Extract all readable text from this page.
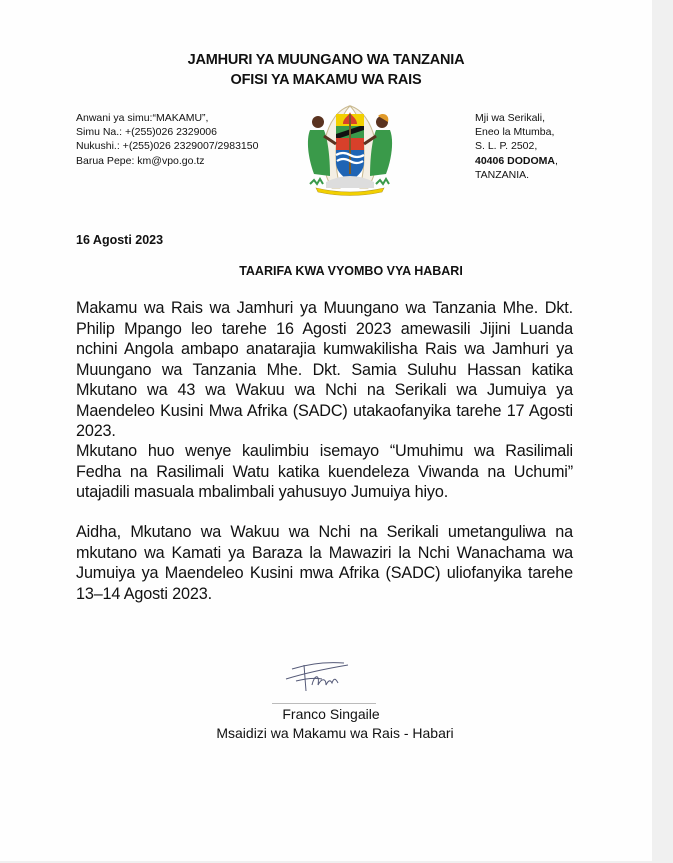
JAMHURI YA MUUNGANO WA TANZANIA
OFISI YA MAKAMU WA RAIS
Anwani ya simu:“MAKAMU”,
Simu Na.: +(255)026 2329006
Nukushi.: +(255)026 2329007/2983150
Barua Pepe: km@vpo.go.tz
Mji wa Serikali,
Eneo la Mtumba,
S. L. P. 2502,
40406 DODOMA,
TANZANIA.
16 Agosti 2023
TAARIFA KWA VYOMBO VYA HABARI
Makamu wa Rais wa Jamhuri ya Muungano wa Tanzania Mhe. Dkt. Philip Mpango leo tarehe 16 Agosti 2023 amewasili Jijini Luanda nchini Angola ambapo anatarajia kumwakilisha Rais wa Jamhuri ya Muungano wa Tanzania Mhe. Dkt. Samia Suluhu Hassan katika Mkutano wa 43 wa Wakuu wa Nchi na Serikali wa Jumuiya ya Maendeleo Kusini Mwa Afrika (SADC) utakaofanyika tarehe 17 Agosti 2023.
Mkutano huo wenye kaulimbiu isemayo “Umuhimu wa Rasilimali Fedha na Rasilimali Watu katika kuendeleza Viwanda na Uchumi” utajadili masuala mbalimbali yahusuyo Jumuiya hiyo.
Aidha, Mkutano wa Wakuu wa Nchi na Serikali umetanguliwa na mkutano wa Kamati ya Baraza la Mawaziri la Nchi Wanachama wa Jumuiya ya Maendeleo Kusini mwa Afrika (SADC) uliofanyika tarehe 13–14 Agosti 2023.
Franco Singaile
Msaidizi wa Makamu wa Rais - Habari
